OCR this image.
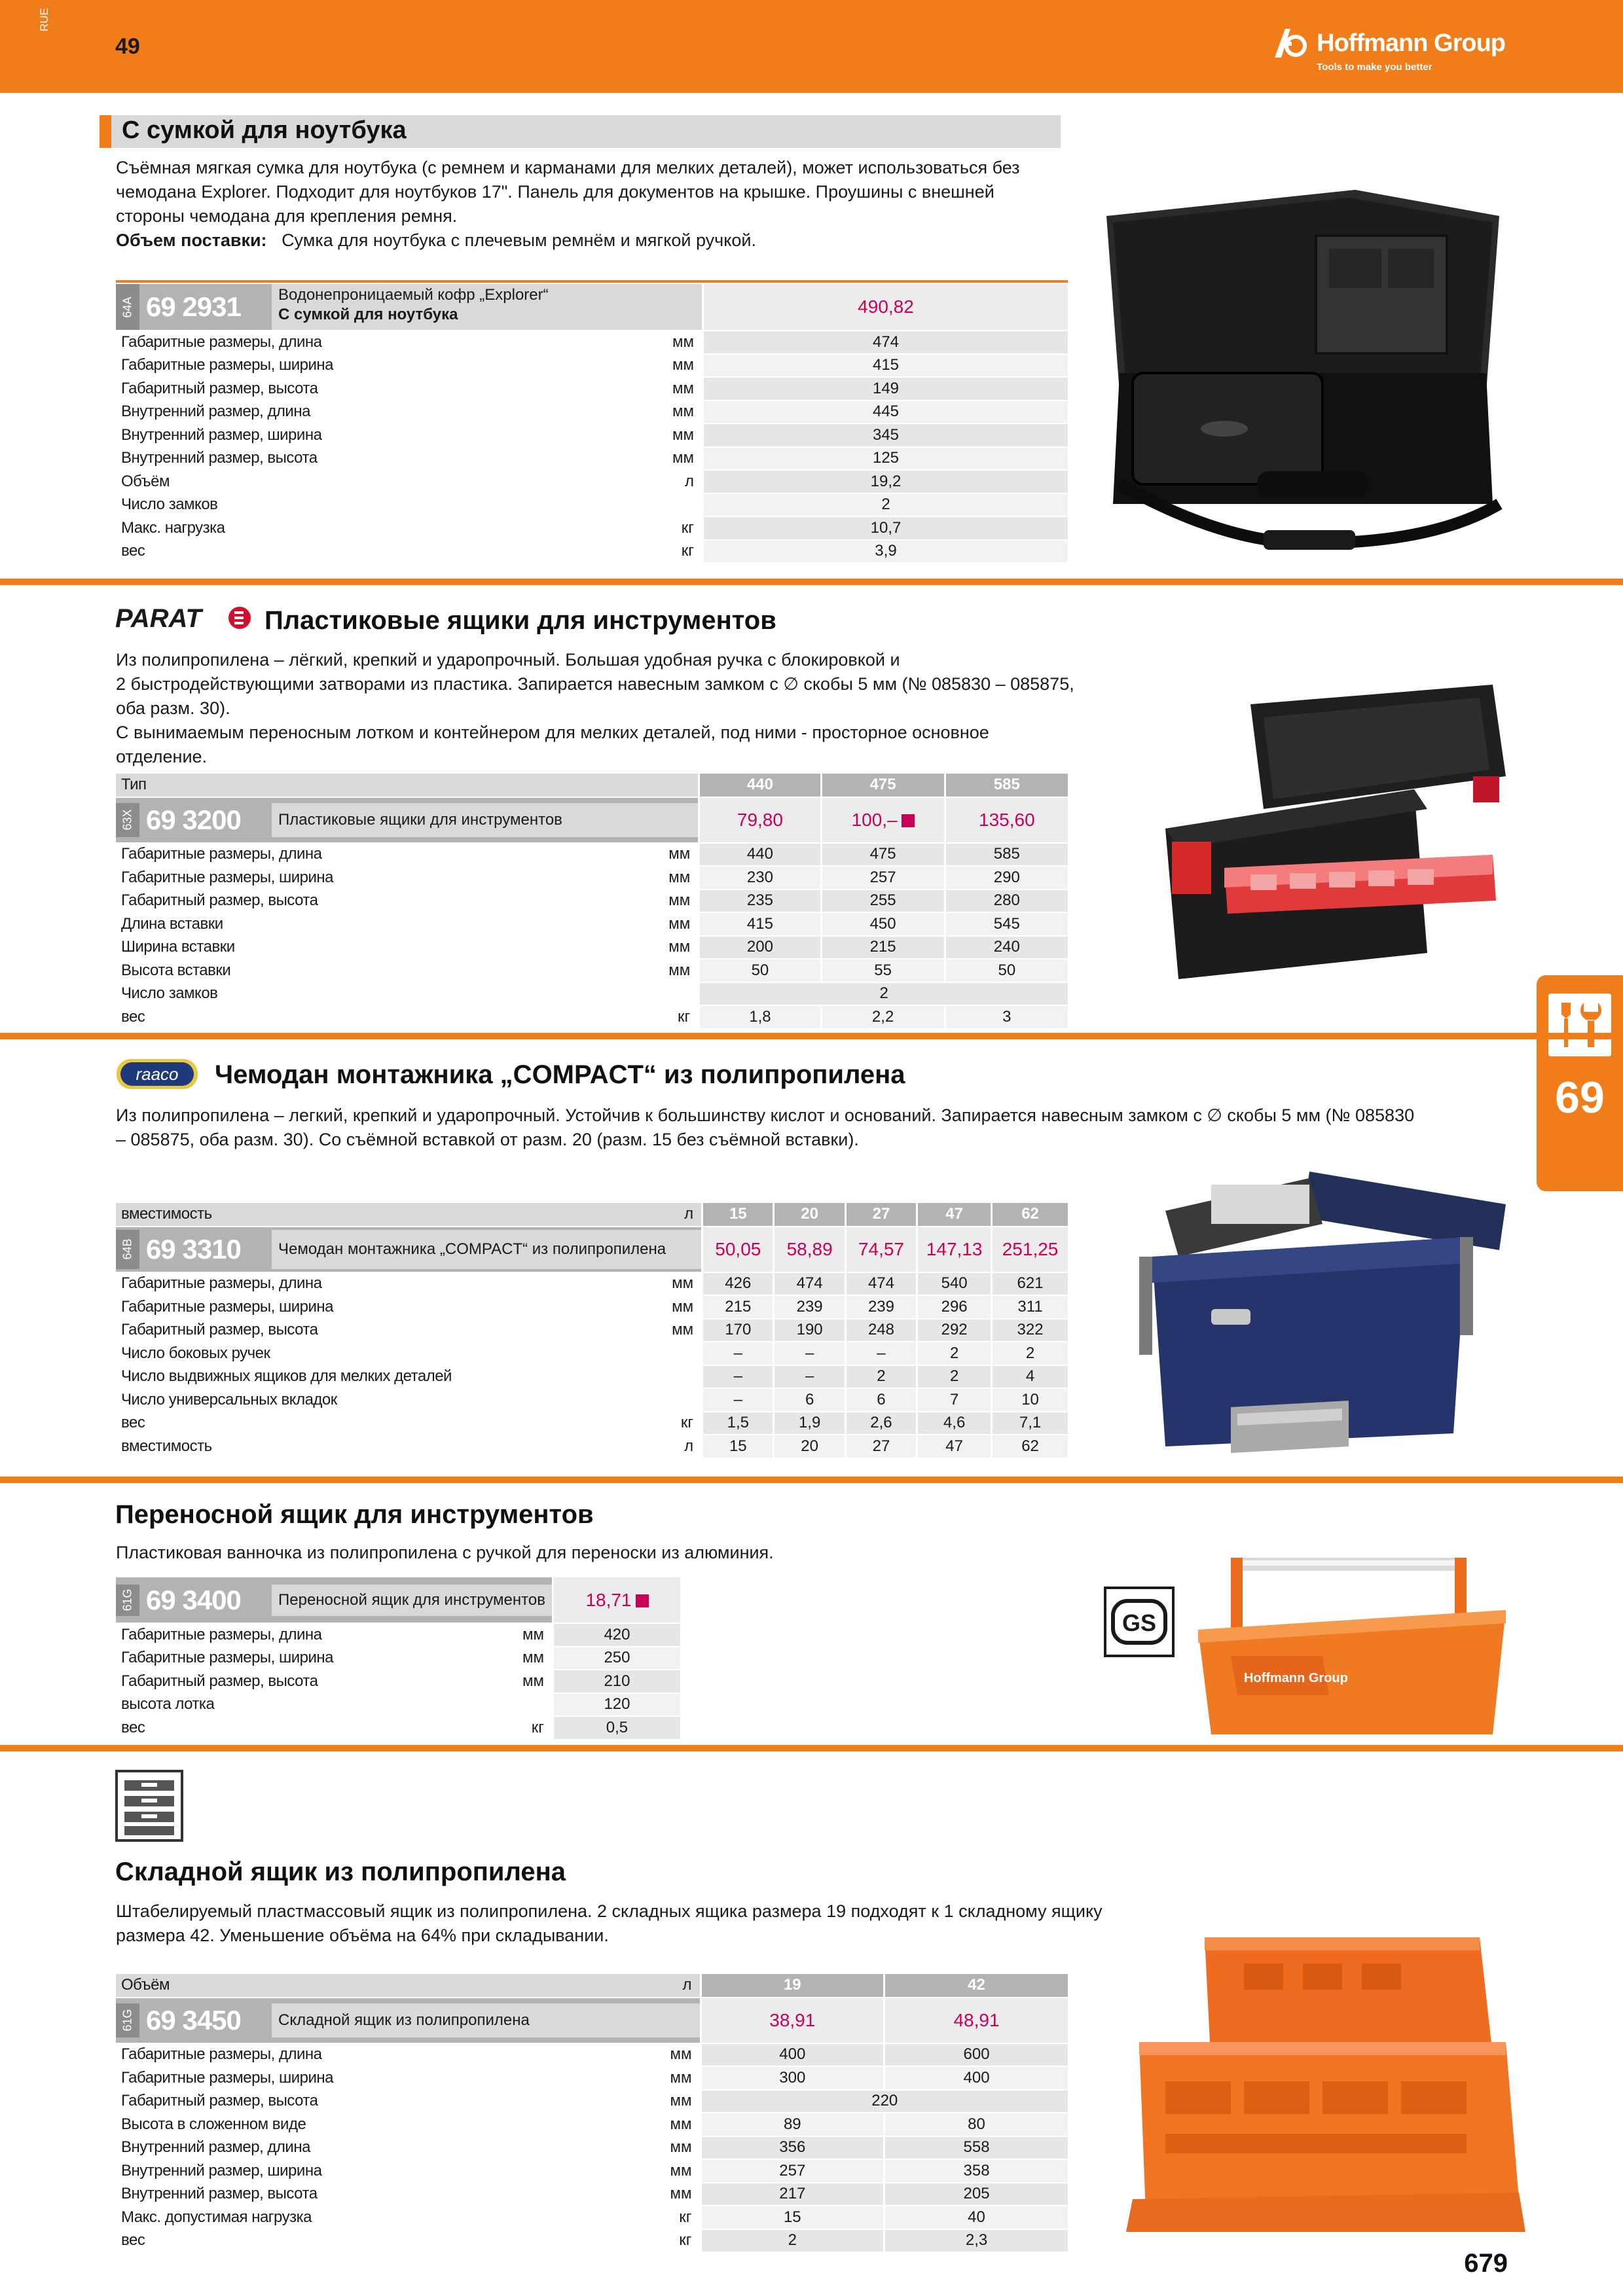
RUE
49	Hoffmann Group
Tools to make you better
69
С сумкой для ноутбука
Съёмная мягкая сумка для ноутбука (с ремнем и карманами для мелких деталей), может использоваться без
чемодана Explorer. Подходит для ноутбуков 17". Панель для документов на крышке. Проушины с внешней
стороны чемодана для крепления ремня.
Объем поставки: Сумка для ноутбука с плечевым ремнём и мягкой ручкой.
64A 69 2931 Водонепроницаемый кофр „Explorer“
С сумкой для ноутбука		490,82
Габаритные размеры, длина	мм	474
Габаритные размеры, ширина	мм	415
Габаритный размер, высота	мм	149
Внутренний размер, длина	мм	445
Внутренний размер, ширина	мм	345
Внутренний размер, высота	мм	125
Объём	л	19,2
Число замков		2
Макс. нагрузка	кг	10,7
вес	кг	3,9
PARAT Пластиковые ящики для инструментов
Из полипропилена – лёгкий, крепкий и ударопрочный. Большая удобная ручка с блокировкой и
2 быстродействующими затворами из пластика. Запирается навесным замком с ∅ скобы 5 мм (№ 085830 – 085875,
оба разм. 30).
С вынимаемым переносным лотком и контейнером для мелких деталей, под ними - просторное основное
отделение.
Тип		440	475	585

63X 69 3200 Пластиковые ящики для инструментов		79,80	100,–	135,60
Габаритные размеры, длина	мм	440	475	585
Габаритные размеры, ширина	мм	230	257	290
Габаритный размер, высота	мм	235	255	280
Длина вставки	мм	415	450	545
Ширина вставки	мм	200	215	240
Высота вставки	мм	50	55	50
Число замков		2		
вес	кг	1,8	2,2	3
raaco Чемодан монтажника „COMPACT“ из полипропилена
Из полипропилена – легкий, крепкий и ударопрочный. Устойчив к большинству кислот и оснований. Запирается навесным замком с ∅ скобы 5 мм (№ 085830
– 085875, оба разм. 30). Со съёмной вставкой от разм. 20 (разм. 15 без съёмной вставки).
вместимость	л	15	20	27	47	62

64B 69 3310 Чемодан монтажника „COMPACT“ из полипропилена		50,05	58,89	74,57	147,13	251,25
Габаритные размеры, длина	мм	426	474	474	540	621
Габаритные размеры, ширина	мм	215	239	239	296	311
Габаритный размер, высота	мм	170	190	248	292	322
Число боковых ручек		–	–	–	2	2
Число выдвижных ящиков для мелких деталей		–	–	2	2	4
Число универсальных вкладок		–	6	6	7	10
вес	кг	1,5	1,9	2,6	4,6	7,1
вместимость	л	15	20	27	47	62
Переносной ящик для инструментов
Пластиковая ванночка из полипропилена с ручкой для переноски из алюминия.
61G 69 3400 Переносной ящик для инструментов		18,71
Габаритные размеры, длина	мм	420
Габаритные размеры, ширина	мм	250
Габаритный размер, высота	мм	210
высота лотка		120
вес	кг	0,5
GS
Hoffmann Group
Складной ящик из полипропилена
Штабелируемый пластмассовый ящик из полипропилена. 2 складных ящика размера 19 подходят к 1 складному ящику
размера 42. Уменьшение объёма на 64% при складывании.
Объём	л	19	42

61G 69 3450 Складной ящик из полипропилена		38,91	48,91
Габаритные размеры, длина	мм	400	600
Габаритные размеры, ширина	мм	300	400
Габаритный размер, высота	мм	220	
Высота в сложенном виде	мм	89	80
Внутренний размер, длина	мм	356	558
Внутренний размер, ширина	мм	257	358
Внутренний размер, высота	мм	217	205
Макс. допустимая нагрузка	кг	15	40
вес	кг	2	2,3
679
